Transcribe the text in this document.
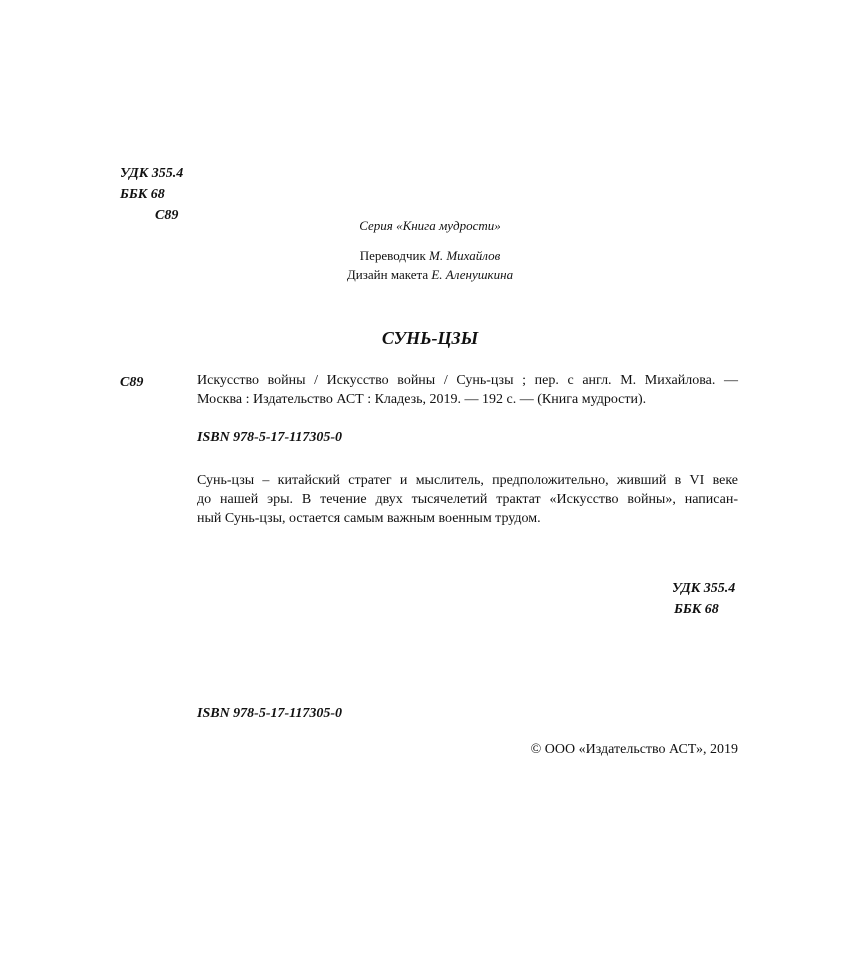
УДК 355.4
ББК 68
С89
Серия «Книга мудрости»
Переводчик М. Михайлов
Дизайн макета Е. Аленушкина
СУНЬ-ЦЗЫ
С89	Искусство войны / Искусство войны / Сунь-цзы ; пер. с англ. М. Михайлова. —
Москва : Издательство АСТ : Кладезь, 2019. — 192 с. — (Книга мудрости).
ISBN 978-5-17-117305-0
Сунь-цзы – китайский стратег и мыслитель, предположительно, живший в VI веке
до нашей эры. В течение двух тысячелетий трактат «Искусство войны», написан-
ный Сунь-цзы, остается самым важным военным трудом.
УДК 355.4
ББК 68
ISBN 978-5-17-117305-0
© ООО «Издательство АСТ», 2019
